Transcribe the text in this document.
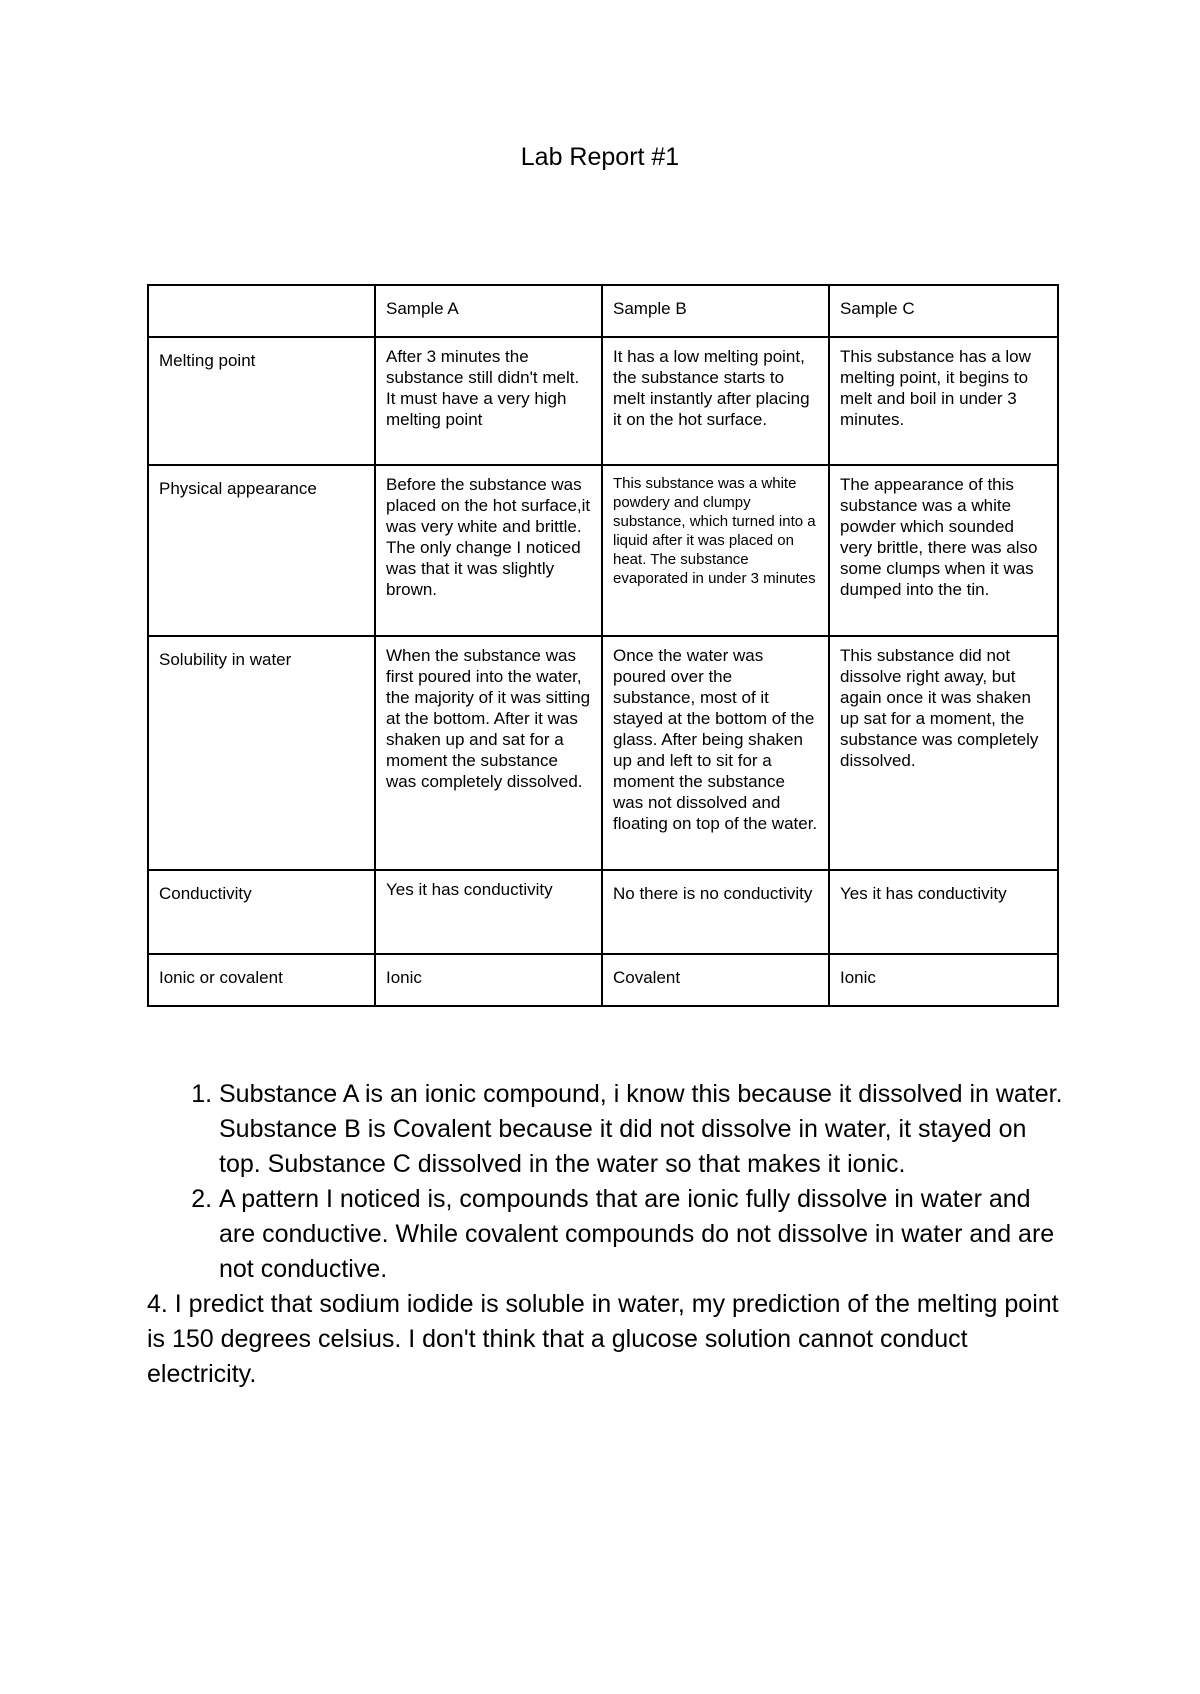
Lab Report #1
	Sample A	Sample B	Sample C
Melting point	After 3 minutes the substance still didn't melt. It must have a very high melting point	It has a low melting point, the substance starts to melt instantly after placing it on the hot surface.	This substance has a low melting point, it begins to melt and boil in under 3 minutes.
Physical appearance	Before the substance was placed on the hot surface,it was very white and brittle. The only change I noticed was that it was slightly brown.	This substance was a white powdery and clumpy substance, which turned into a liquid after it was placed on heat. The substance evaporated in under 3 minutes	The appearance of this substance was a white powder which sounded very brittle, there was also some clumps when it was dumped into the tin.
Solubility in water	When the substance was first poured into the water, the majority of it was sitting at the bottom. After it was shaken up and sat for a moment the substance was completely dissolved.	Once the water was poured over the substance, most of it stayed at the bottom of the glass. After being shaken up and left to sit for a moment the substance was not dissolved and floating on top of the water.	This substance did not dissolve right away, but again once it was shaken up sat for a moment, the substance was completely dissolved.
Conductivity	Yes it has conductivity	No there is no conductivity	Yes it has conductivity
Ionic or covalent	Ionic	Covalent	Ionic
1. Substance A is an ionic compound, i know this because it dissolved in water. Substance B is Covalent because it did not dissolve in water, it stayed on top. Substance C dissolved in the water so that makes it ionic.
2. A pattern I noticed is, compounds that are ionic fully dissolve in water and are conductive. While covalent compounds do not dissolve in water and are not conductive.

4. I predict that sodium iodide is soluble in water, my prediction of the melting point is 150 degrees celsius. I don't think that a glucose solution cannot conduct electricity.
